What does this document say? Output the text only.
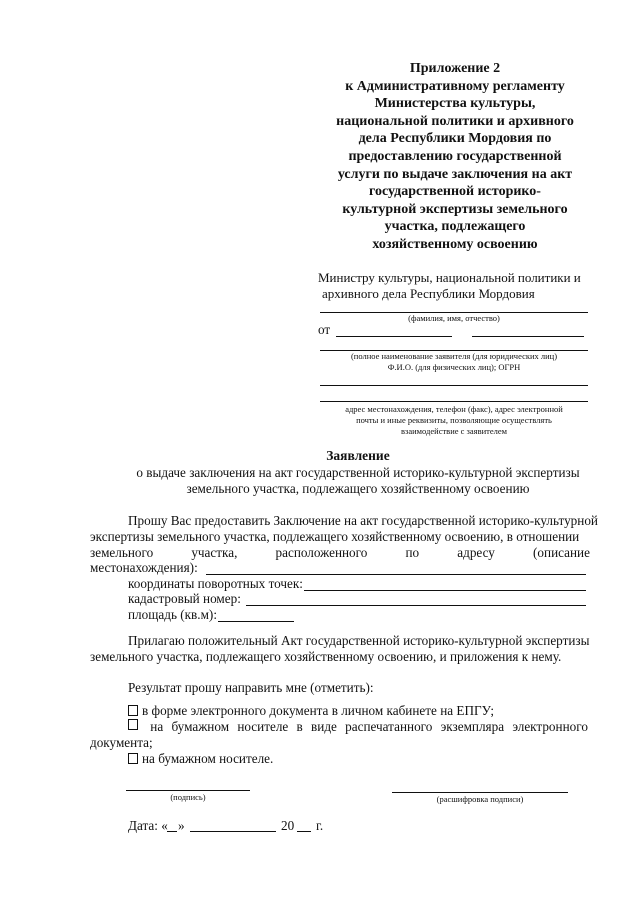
Приложение 2
к Административному регламенту
Министерства культуры,
национальной политики и архивного
дела Республики Мордовия по
предоставлению государственной
услуги по выдаче заключения на акт
государственной историко-
культурной экспертизы земельного
участка, подлежащего
хозяйственному освоению
Министру культуры, национальной политики и
архивного дела Республики Мордовия
(фамилия, имя, отчество)
от
(полное наименование заявителя (для юридических лиц)
Ф.И.О. (для физических лиц); ОГРН
адрес местонахождения, телефон (факс), адрес электронной
почты и иные реквизиты, позволяющие осуществлять
взаимодействие с заявителем
Заявление
о выдаче заключения на акт государственной историко-культурной экспертизы
земельного участка, подлежащего хозяйственному освоению
Прошу Вас предоставить Заключение на акт государственной историко-культурной
экспертизы земельного участка, подлежащего хозяйственному освоению, в отношении
земельного	участка,	расположенного	по	адресу	(описание
местонахождения):
координаты поворотных точек:
кадастровый номер:
площадь (кв.м):
Прилагаю положительный Акт государственной историко-культурной экспертизы
земельного участка, подлежащего хозяйственному освоению, и приложения к нему.
Результат прошу направить мне (отметить):
в форме электронного документа в личном кабинете на ЕПГУ;
на бумажном носителе в виде распечатанного экземпляра электронного
документа;
на бумажном носителе.
(подпись)	(расшифровка подписи)
Дата: « »	20 г.
